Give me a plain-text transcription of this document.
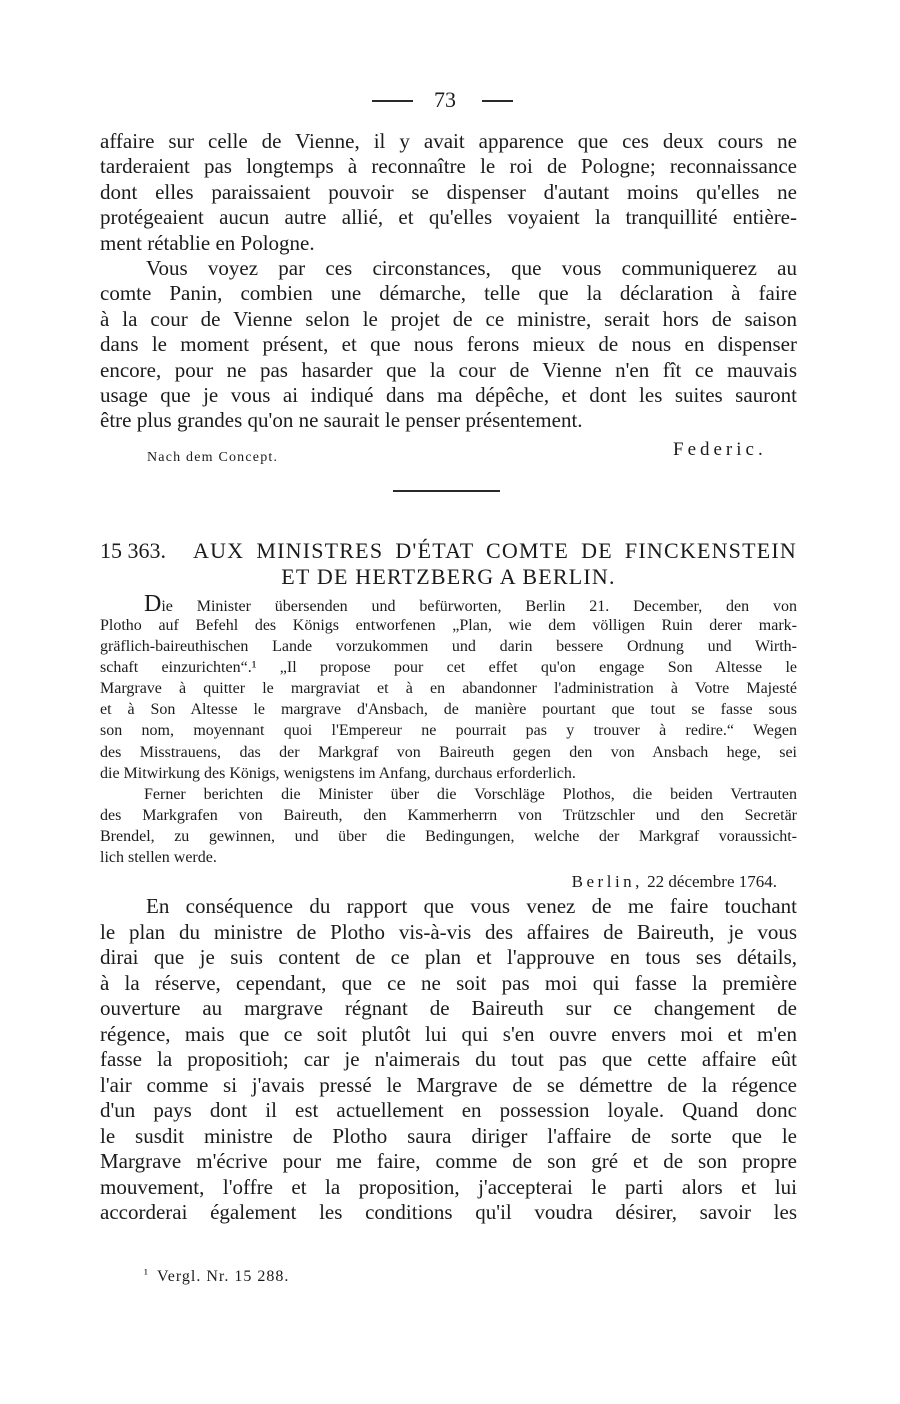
73
affaire sur celle de Vienne, il y avait apparence que ces deux cours ne
tarderaient pas longtemps à reconnaître le roi de Pologne; reconnaissance
dont elles paraissaient pouvoir se dispenser d'autant moins qu'elles ne
protégeaient aucun autre allié, et qu'elles voyaient la tranquillité entière-
ment rétablie en Pologne.
Vous voyez par ces circonstances, que vous communiquerez au
comte Panin, combien une démarche, telle que la déclaration à faire
à la cour de Vienne selon le projet de ce ministre, serait hors de saison
dans le moment présent, et que nous ferons mieux de nous en dispenser
encore, pour ne pas hasarder que la cour de Vienne n'en fît ce mauvais
usage que je vous ai indiqué dans ma dépêche, et dont les suites sauront
être plus grandes qu'on ne saurait le penser présentement.
Nach dem Concept.	Federic.
15 363. AUX MINISTRES D'ÉTAT COMTE DE FINCKENSTEIN
ET DE HERTZBERG A BERLIN.
Die Minister übersenden und befürworten, Berlin 21. December, den von
Plotho auf Befehl des Königs entworfenen „Plan, wie dem völligen Ruin derer mark-
gräflich-baireuthischen Lande vorzukommen und darin bessere Ordnung und Wirth-
schaft einzurichten“.¹ „Il propose pour cet effet qu'on engage Son Altesse le
Margrave à quitter le margraviat et à en abandonner l'administration à Votre Majesté
et à Son Altesse le margrave d'Ansbach, de manière pourtant que tout se fasse sous
son nom, moyennant quoi l'Empereur ne pourrait pas y trouver à redire.“ Wegen
des Misstrauens, das der Markgraf von Baireuth gegen den von Ansbach hege, sei
die Mitwirkung des Königs, wenigstens im Anfang, durchaus erforderlich.
Ferner berichten die Minister über die Vorschläge Plothos, die beiden Vertrauten
des Markgrafen von Baireuth, den Kammerherrn von Trützschler und den Secretär
Brendel, zu gewinnen, und über die Bedingungen, welche der Markgraf voraussicht-
lich stellen werde.
Berlin, 22 décembre 1764.
En conséquence du rapport que vous venez de me faire touchant
le plan du ministre de Plotho vis-à-vis des affaires de Baireuth, je vous
dirai que je suis content de ce plan et l'approuve en tous ses détails,
à la réserve, cependant, que ce ne soit pas moi qui fasse la première
ouverture au margrave régnant de Baireuth sur ce changement de
régence, mais que ce soit plutôt lui qui s'en ouvre envers moi et m'en
fasse la propositioh; car je n'aimerais du tout pas que cette affaire eût
l'air comme si j'avais pressé le Margrave de se démettre de la régence
d'un pays dont il est actuellement en possession loyale. Quand donc
le susdit ministre de Plotho saura diriger l'affaire de sorte que le
Margrave m'écrive pour me faire, comme de son gré et de son propre
mouvement, l'offre et la proposition, j'accepterai le parti alors et lui
accorderai également les conditions qu'il voudra désirer, savoir les
¹ Vergl. Nr. 15 288.
